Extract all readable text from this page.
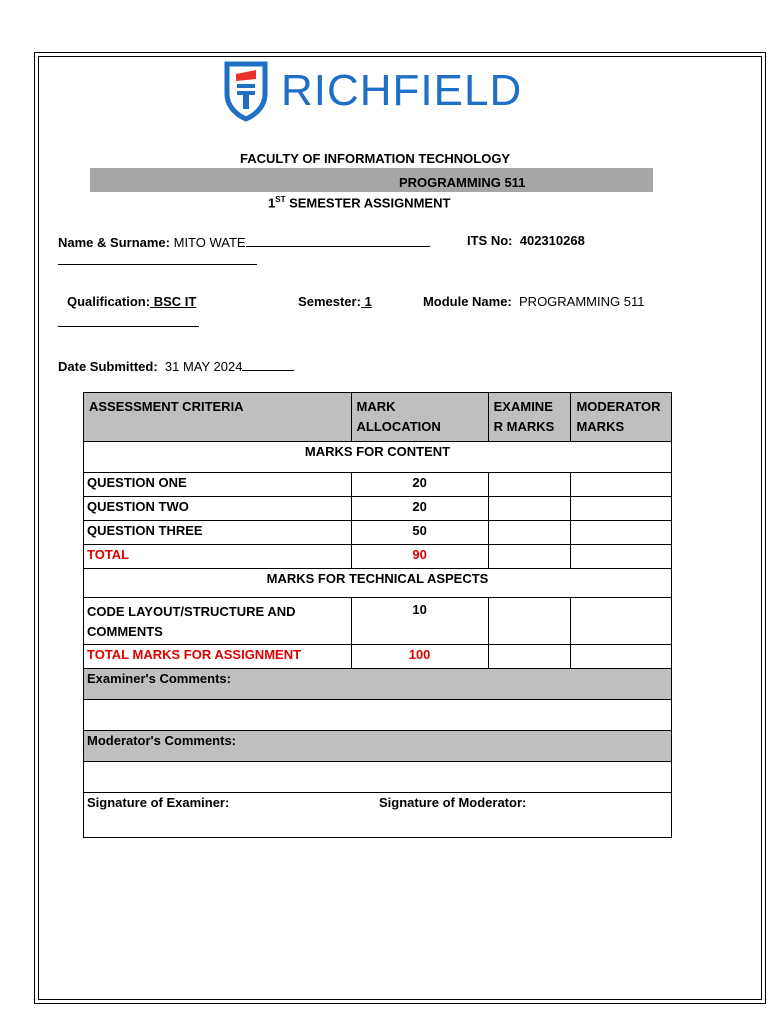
RICHFIELD
FACULTY OF INFORMATION TECHNOLOGY
PROGRAMMING 511
1ST SEMESTER ASSIGNMENT
Name & Surname: MITO WATE	ITS No: 402310268
Qualification: BSC IT	Semester: 1	Module Name: PROGRAMMING 511
Date Submitted: 31 MAY 2024
ASSESSMENT CRITERIA	MARK ALLOCATION	EXAMINE R MARKS	MODERATOR MARKS
MARKS FOR CONTENT			
QUESTION ONE	20		
QUESTION TWO	20		
QUESTION THREE	50		
TOTAL	90		
MARKS FOR TECHNICAL ASPECTS			
CODE LAYOUT/STRUCTURE AND COMMENTS	10		
TOTAL MARKS FOR ASSIGNMENT	100		
Examiner's Comments:			

Moderator's Comments:			

Signature of Examiner: Signature of Moderator:			
